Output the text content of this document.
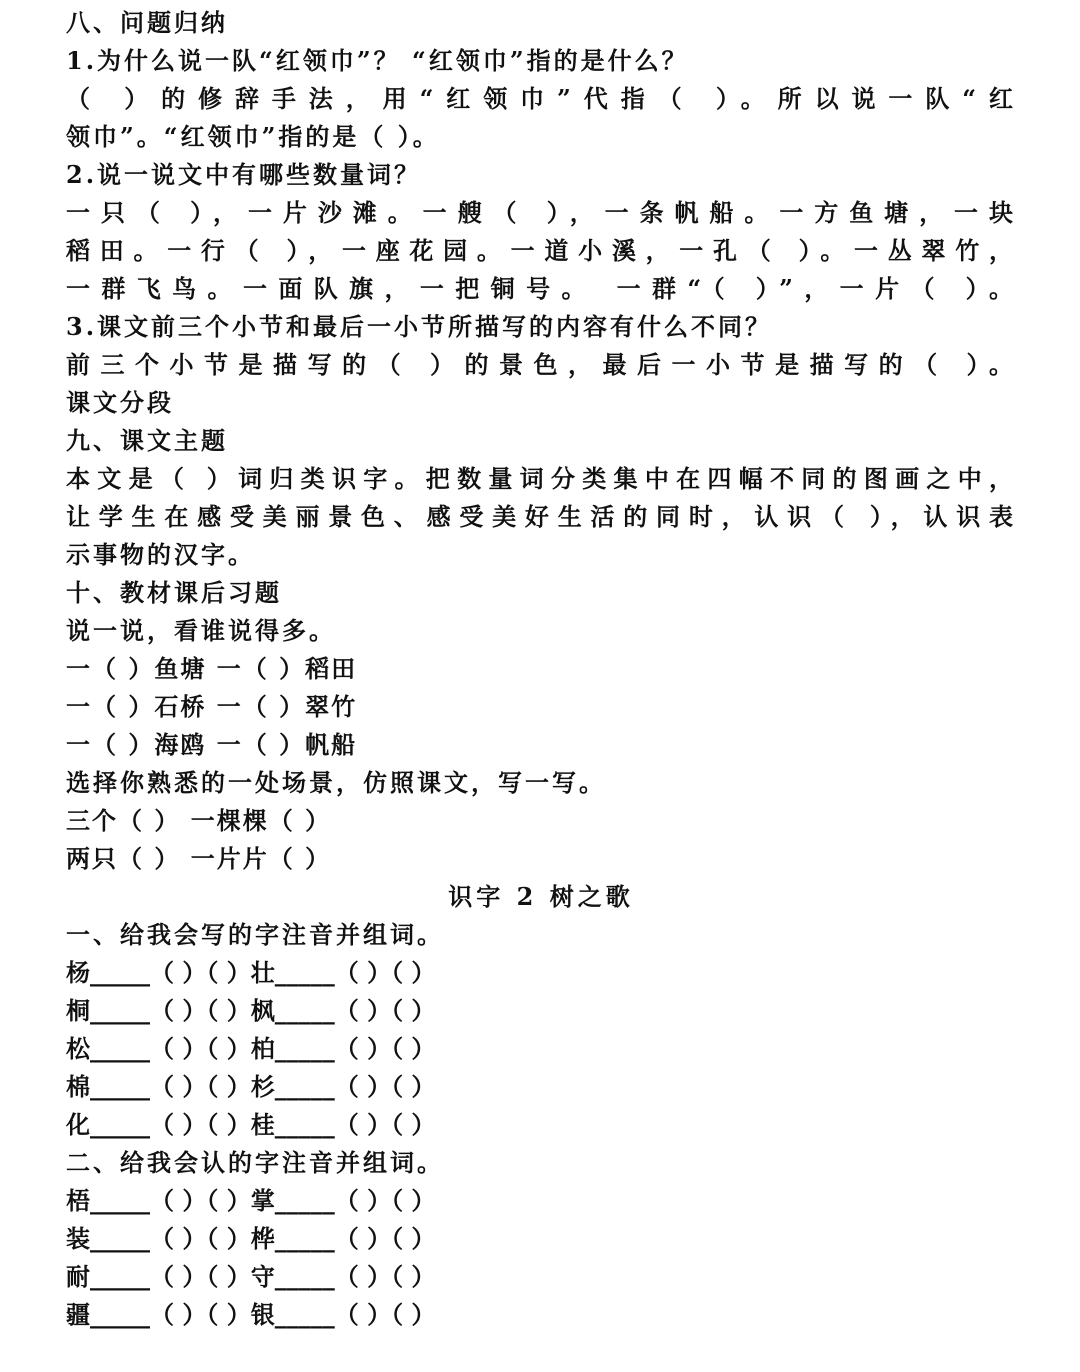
八、问题归纳
1.为什么说一队“红领巾”？ “红领巾”指的是什么？
（ ）的修辞手法，用“红领巾”代指（ ）。所以说一队“红
领巾”。“红领巾”指的是（ ）。
2.说一说文中有哪些数量词？
一只（ ），一片沙滩。一艘（ ），一条帆船。一方鱼塘，一块
稻田。一行（ ），一座花园。一道小溪，一孔（ ）。一丛翠竹，
一群飞鸟。一面队旗，一把铜号。 一群“（ ）”，一片（ ）。
3.课文前三个小节和最后一小节所描写的内容有什么不同？
前三个小节是描写的（ ）的景色，最后一小节是描写的（ ）。
课文分段
九、课文主题
本文是（ ）词归类识字。把数量词分类集中在四幅不同的图画之中，
让学生在感受美丽景色、感受美好生活的同时，认识（ ），认识表
示事物的汉字。
十、教材课后习题
说一说，看谁说得多。
一（ ）鱼塘 一（ ）稻田
一（ ）石桥 一（ ）翠竹
一（ ）海鸥 一（ ）帆船
选择你熟悉的一处场景，仿照课文，写一写。
三个（ ） 一棵棵（ ）
两只（ ） 一片片（ ）
识字 2 树之歌
一、给我会写的字注音并组词。
杨_____（ ）（ ）壮_____（ ）（ ）
桐_____（ ）（ ）枫_____（ ）（ ）
松_____（ ）（ ）柏_____（ ）（ ）
棉_____（ ）（ ）杉_____（ ）（ ）
化_____（ ）（ ）桂_____（ ）（ ）
二、给我会认的字注音并组词。
梧_____（ ）（ ）掌_____（ ）（ ）
装_____（ ）（ ）桦_____（ ）（ ）
耐_____（ ）（ ）守_____（ ）（ ）
疆_____（ ）（ ）银_____（ ）（ ）
